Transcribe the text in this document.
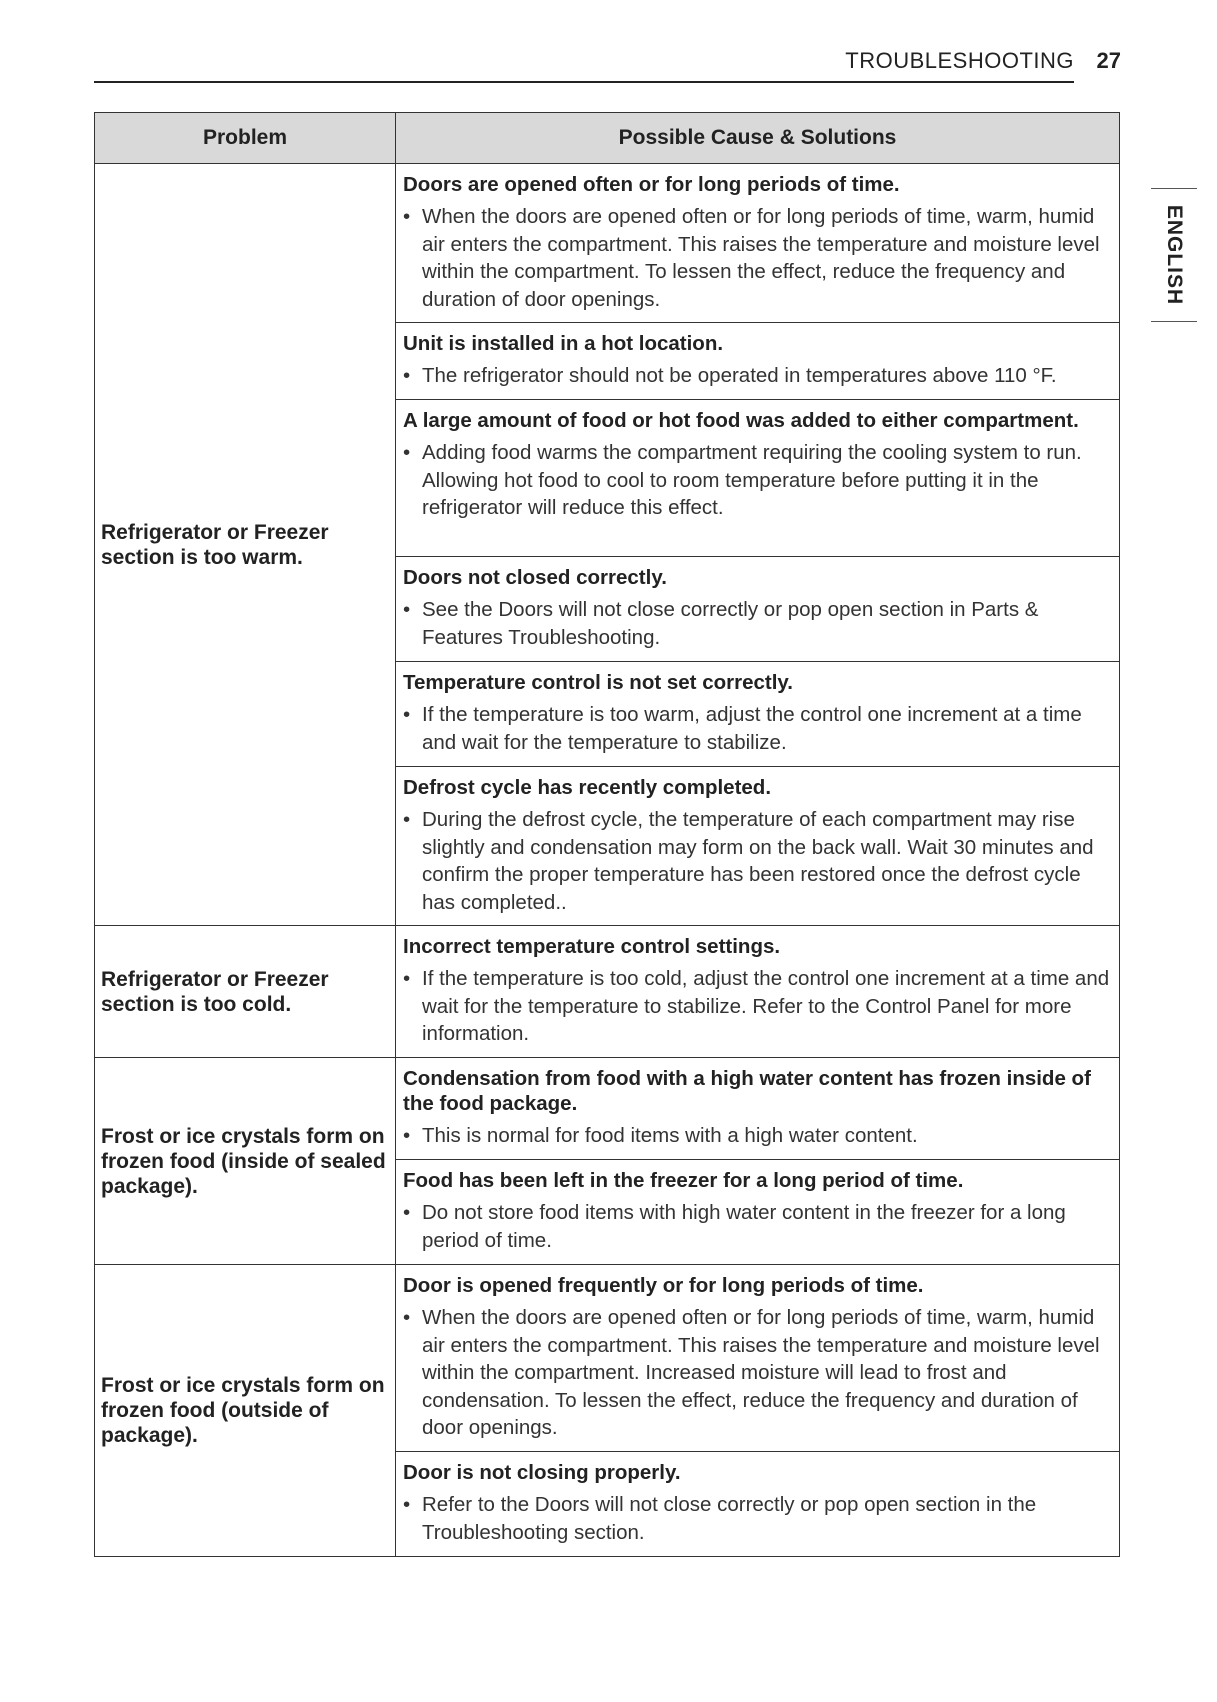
TROUBLESHOOTING 27
ENGLISH
Problem	Possible Cause & Solutions
Refrigerator or Freezer section is too warm.	Doors are opened often or for long periods of time.
• When the doors are opened often or for long periods of time, warm, humid air enters the compartment. This raises the temperature and moisture level within the compartment. To lessen the effect, reduce the frequency and duration of door openings.

	Unit is installed in a hot location.
• The refrigerator should not be operated in temperatures above 110 °F.

	A large amount of food or hot food was added to either compartment.
• Adding food warms the compartment requiring the cooling system to run. Allowing hot food to cool to room temperature before putting it in the refrigerator will reduce this effect.

	Doors not closed correctly.
• See the Doors will not close correctly or pop open section in Parts & Features Troubleshooting.

	Temperature control is not set correctly.
• If the temperature is too warm, adjust the control one increment at a time and wait for the temperature to stabilize.

	Defrost cycle has recently completed.
• During the defrost cycle, the temperature of each compartment may rise slightly and condensation may form on the back wall. Wait 30 minutes and confirm the proper temperature has been restored once the defrost cycle has completed..

Refrigerator or Freezer section is too cold.	Incorrect temperature control settings.
• If the temperature is too cold, adjust the control one increment at a time and wait for the temperature to stabilize. Refer to the Control Panel for more information.

Frost or ice crystals form on frozen food (inside of sealed package).	Condensation from food with a high water content has frozen inside of the food package.
• This is normal for food items with a high water content.

	Food has been left in the freezer for a long period of time.
• Do not store food items with high water content in the freezer for a long period of time.

Frost or ice crystals form on frozen food (outside of package).	Door is opened frequently or for long periods of time.
• When the doors are opened often or for long periods of time, warm, humid air enters the compartment. This raises the temperature and moisture level within the compartment. Increased moisture will lead to frost and condensation. To lessen the effect, reduce the frequency and duration of door openings.

	Door is not closing properly.
• Refer to the Doors will not close correctly or pop open section in the Troubleshooting section.
